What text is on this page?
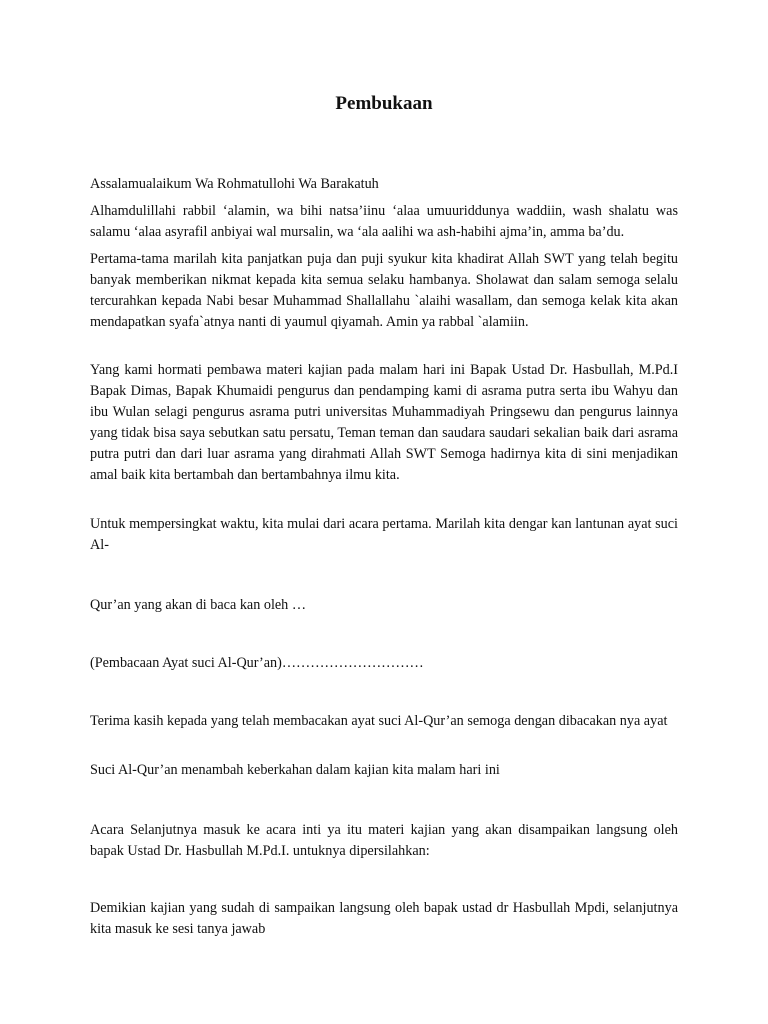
Pembukaan

Assalamualaikum Wa Rohmatullohi Wa Barakatuh

Alhamdulillahi rabbil ‘alamin, wa bihi natsa’iinu ‘alaa umuuriddunya waddiin, wash shalatu was salamu ‘alaa asyrafil anbiyai wal mursalin, wa ‘ala aalihi wa ash-habihi ajma’in, amma ba’du.

Pertama-tama marilah kita panjatkan puja dan puji syukur kita khadirat Allah SWT yang telah begitu banyak memberikan nikmat kepada kita semua selaku hambanya. Sholawat dan salam semoga selalu tercurahkan kepada Nabi besar Muhammad Shallallahu `alaihi wasallam, dan semoga kelak kita akan mendapatkan syafa`atnya nanti di yaumul qiyamah. Amin ya rabbal `alamiin.

Yang kami hormati pembawa materi kajian pada malam hari ini Bapak Ustad Dr. Hasbullah, M.Pd.I Bapak Dimas, Bapak Khumaidi pengurus dan pendamping kami di asrama putra serta ibu Wahyu dan ibu Wulan selagi pengurus asrama putri universitas Muhammadiyah Pringsewu dan pengurus lainnya yang tidak bisa saya sebutkan satu persatu, Teman teman dan saudara saudari sekalian baik dari asrama putra putri dan dari luar asrama yang dirahmati Allah SWT Semoga hadirnya kita di sini menjadikan amal baik kita bertambah dan bertambahnya ilmu kita.

Untuk mempersingkat waktu, kita mulai dari acara pertama. Marilah kita dengar kan lantunan ayat suci Al-

Qur’an yang akan di baca kan oleh …

(Pembacaan Ayat suci Al-Qur’an)…………………………

Terima kasih kepada yang telah membacakan ayat suci Al-Qur’an semoga dengan dibacakan nya ayat

Suci Al-Qur’an menambah keberkahan dalam kajian kita malam hari ini

Acara Selanjutnya masuk ke acara inti ya itu materi kajian yang akan disampaikan langsung oleh bapak Ustad Dr. Hasbullah M.Pd.I. untuknya dipersilahkan:

Demikian kajian yang sudah di sampaikan langsung oleh bapak ustad dr Hasbullah Mpdi, selanjutnya kita masuk ke sesi tanya jawab
